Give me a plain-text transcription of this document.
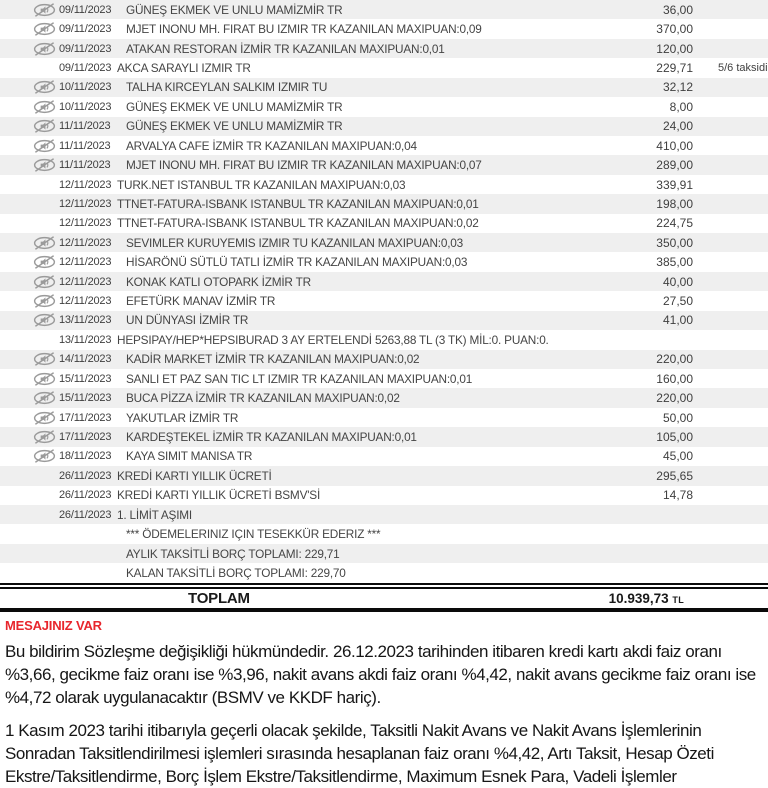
09/11/2023 GÜNEŞ EKMEK VE UNLU MAMİZMİR TR	36,00
09/11/2023 MJET INONU MH. FIRAT BU IZMIR TR KAZANILAN MAXIPUAN:0,09	370,00
09/11/2023 ATAKAN RESTORAN İZMİR TR KAZANILAN MAXIPUAN:0,01	120,00
09/11/2023 AKCA SARAYLI IZMIR TR	229,71	5/6 taksidi
10/11/2023 TALHA KIRCEYLAN SALKIM IZMIR TU	32,12
10/11/2023 GÜNEŞ EKMEK VE UNLU MAMİZMİR TR	8,00
11/11/2023 GÜNEŞ EKMEK VE UNLU MAMİZMİR TR	24,00
11/11/2023 ARVALYA CAFE İZMİR TR KAZANILAN MAXIPUAN:0,04	410,00
11/11/2023 MJET INONU MH. FIRAT BU IZMIR TR KAZANILAN MAXIPUAN:0,07	289,00
12/11/2023 TURK.NET ISTANBUL TR KAZANILAN MAXIPUAN:0,03	339,91
12/11/2023 TTNET-FATURA-ISBANK ISTANBUL TR KAZANILAN MAXIPUAN:0,01	198,00
12/11/2023 TTNET-FATURA-ISBANK ISTANBUL TR KAZANILAN MAXIPUAN:0,02	224,75
12/11/2023 SEVIMLER KURUYEMIS IZMIR TU KAZANILAN MAXIPUAN:0,03	350,00
12/11/2023 HİSARÖNÜ SÜTLÜ TATLI İZMİR TR KAZANILAN MAXIPUAN:0,03	385,00
12/11/2023 KONAK KATLI OTOPARK İZMİR TR	40,00
12/11/2023 EFETÜRK MANAV İZMİR TR	27,50
13/11/2023 UN DÜNYASI İZMİR TR	41,00
13/11/2023 HEPSIPAY/HEP*HEPSIBURAD 3 AY ERTELENDİ 5263,88 TL (3 TK) MİL:0. PUAN:0.
14/11/2023 KADİR MARKET İZMİR TR KAZANILAN MAXIPUAN:0,02	220,00
15/11/2023 SANLI ET PAZ SAN TIC LT IZMIR TR KAZANILAN MAXIPUAN:0,01	160,00
15/11/2023 BUCA PİZZA İZMİR TR KAZANILAN MAXIPUAN:0,02	220,00
17/11/2023 YAKUTLAR İZMİR TR	50,00
17/11/2023 KARDEŞTEKEL İZMİR TR KAZANILAN MAXIPUAN:0,01	105,00
18/11/2023 KAYA SIMIT MANISA TR	45,00
26/11/2023 KREDİ KARTI YILLIK ÜCRETİ	295,65
26/11/2023 KREDİ KARTI YILLIK ÜCRETİ BSMV'Sİ	14,78
26/11/2023 1. LİMİT AŞIMI
*** ÖDEMELERINIZ IÇIN TESEKKÜR EDERIZ ***
AYLIK TAKSİTLİ BORÇ TOPLAMI: 229,71
KALAN TAKSİTLİ BORÇ TOPLAMI: 229,70
TOPLAM	10.939,73 TL
MESAJINIZ VAR
Bu bildirim Sözleşme değişikliği hükmündedir. 26.12.2023 tarihinden itibaren kredi kartı akdi faiz oranı
%3,66, gecikme faiz oranı ise %3,96, nakit avans akdi faiz oranı %4,42, nakit avans gecikme faiz oranı ise
%4,72 olarak uygulanacaktır (BSMV ve KKDF hariç).
1 Kasım 2023 tarihi itibarıyla geçerli olacak şekilde, Taksitli Nakit Avans ve Nakit Avans İşlemlerinin
Sonradan Taksitlendirilmesi işlemleri sırasında hesaplanan faiz oranı %4,42, Artı Taksit, Hesap Özeti
Ekstre/Taksitlendirme, Borç İşlem Ekstre/Taksitlendirme, Maximum Esnek Para, Vadeli İşlemler
